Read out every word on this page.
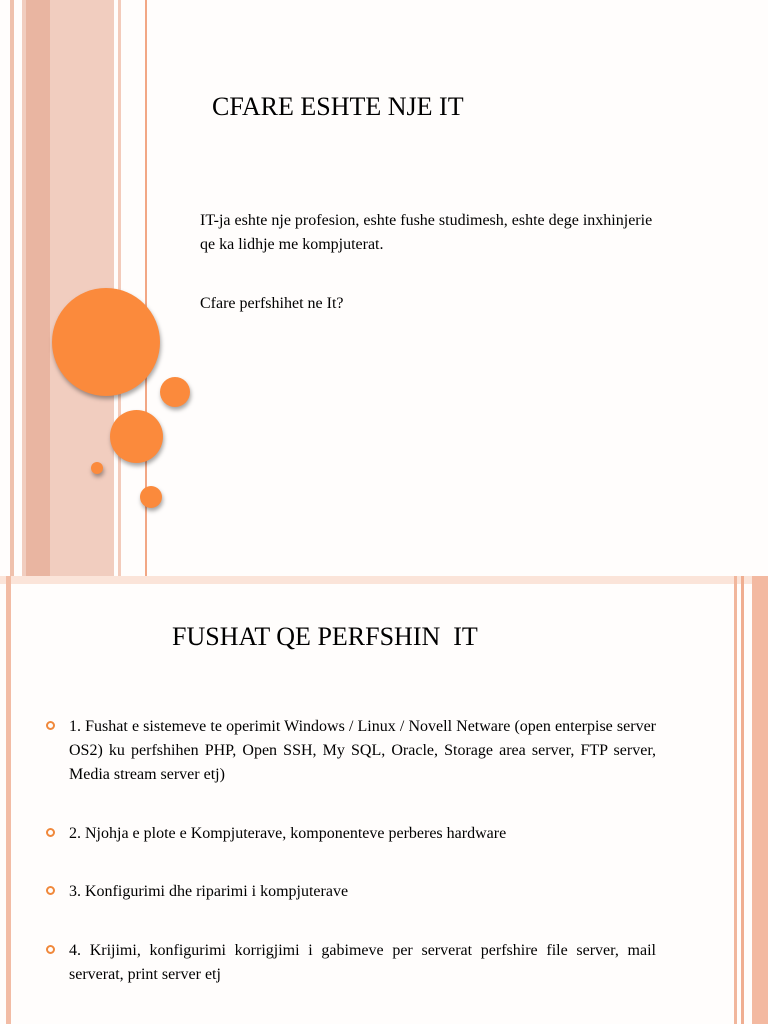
CFARE ESHTE NJE IT

IT-ja eshte nje profesion, eshte fushe studimesh, eshte dege inxhinjerie qe ka lidhje me kompjuterat.

Cfare perfshihet ne It?

FUSHAT QE PERFSHIN  IT

1. Fushat e sistemeve te operimit Windows / Linux / Novell Netware (open enterpise server OS2) ku perfshihen PHP, Open SSH, My SQL, Oracle, Storage area server, FTP server, Media stream server etj)

2. Njohja e plote e Kompjuterave, komponenteve perberes hardware

3. Konfigurimi dhe riparimi i kompjuterave

4. Krijimi, konfigurimi korrigjimi i gabimeve per serverat perfshire file server, mail serverat, print server etj
